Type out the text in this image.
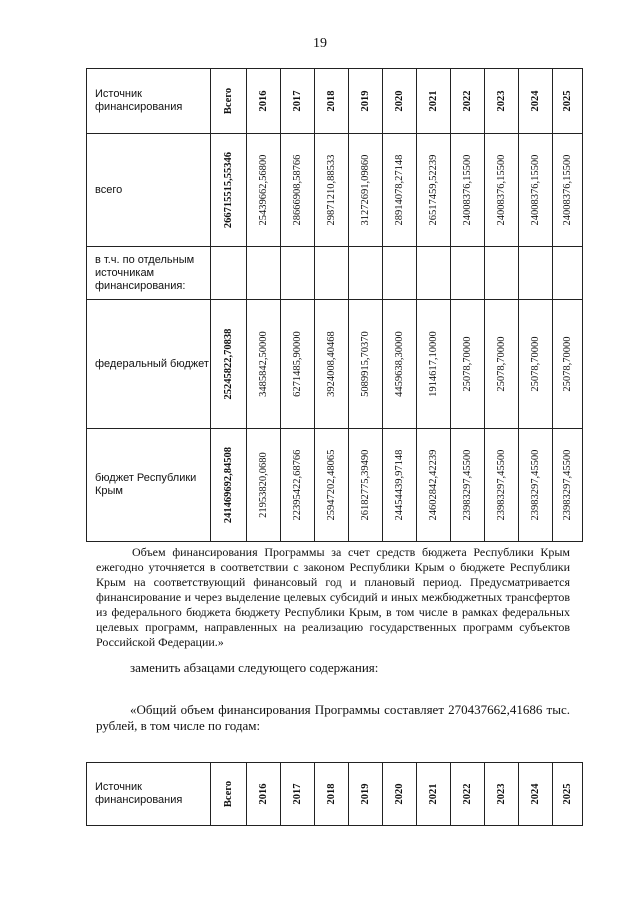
19
Источник финансирования	Всего	2016	2017	2018	2019	2020	2021	2022	2023	2024	2025

всего	266715515,55346	25439662,56800	28666908,58766	29871210,88533	31272691,09860	28914078,27148	26517459,52239	24008376,15500	24008376,15500	24008376,15500	24008376,15500

в т.ч. по отдельным источникам финансирования:	

федеральный бюджет	25245822,70838	3485842,50000	6271485,90000	3924008,40468	5089915,70370	4459638,30000	1914617,10000	25078,70000	25078,70000	25078,70000	25078,70000

бюджет Республики Крым	241469692,84508	21953820,0680	22395422,68766	25947202,48065	26182775,39490	24454439,97148	24602842,42239	23983297,45500	23983297,45500	23983297,45500	23983297,45500

Объем финансирования Программы за счет средств бюджета Республики Крым ежегодно уточняется в соответствии с законом Республики Крым о бюджете Республики Крым на соответствующий финансовый год и плановый период. Предусматривается финансирование и через выделение целевых субсидий и иных межбюджетных трансфертов из федерального бюджета бюджету Республики Крым, в том числе в рамках федеральных целевых программ, направленных на реализацию государственных программ субъектов Российской Федерации.»

заменить абзацами следующего содержания:

«Общий объем финансирования Программы составляет 270437662,41686 тыс. рублей, в том числе по годам:

Источник финансирования	Всего	2016	2017	2018	2019	2020	2021	2022	2023	2024	2025
